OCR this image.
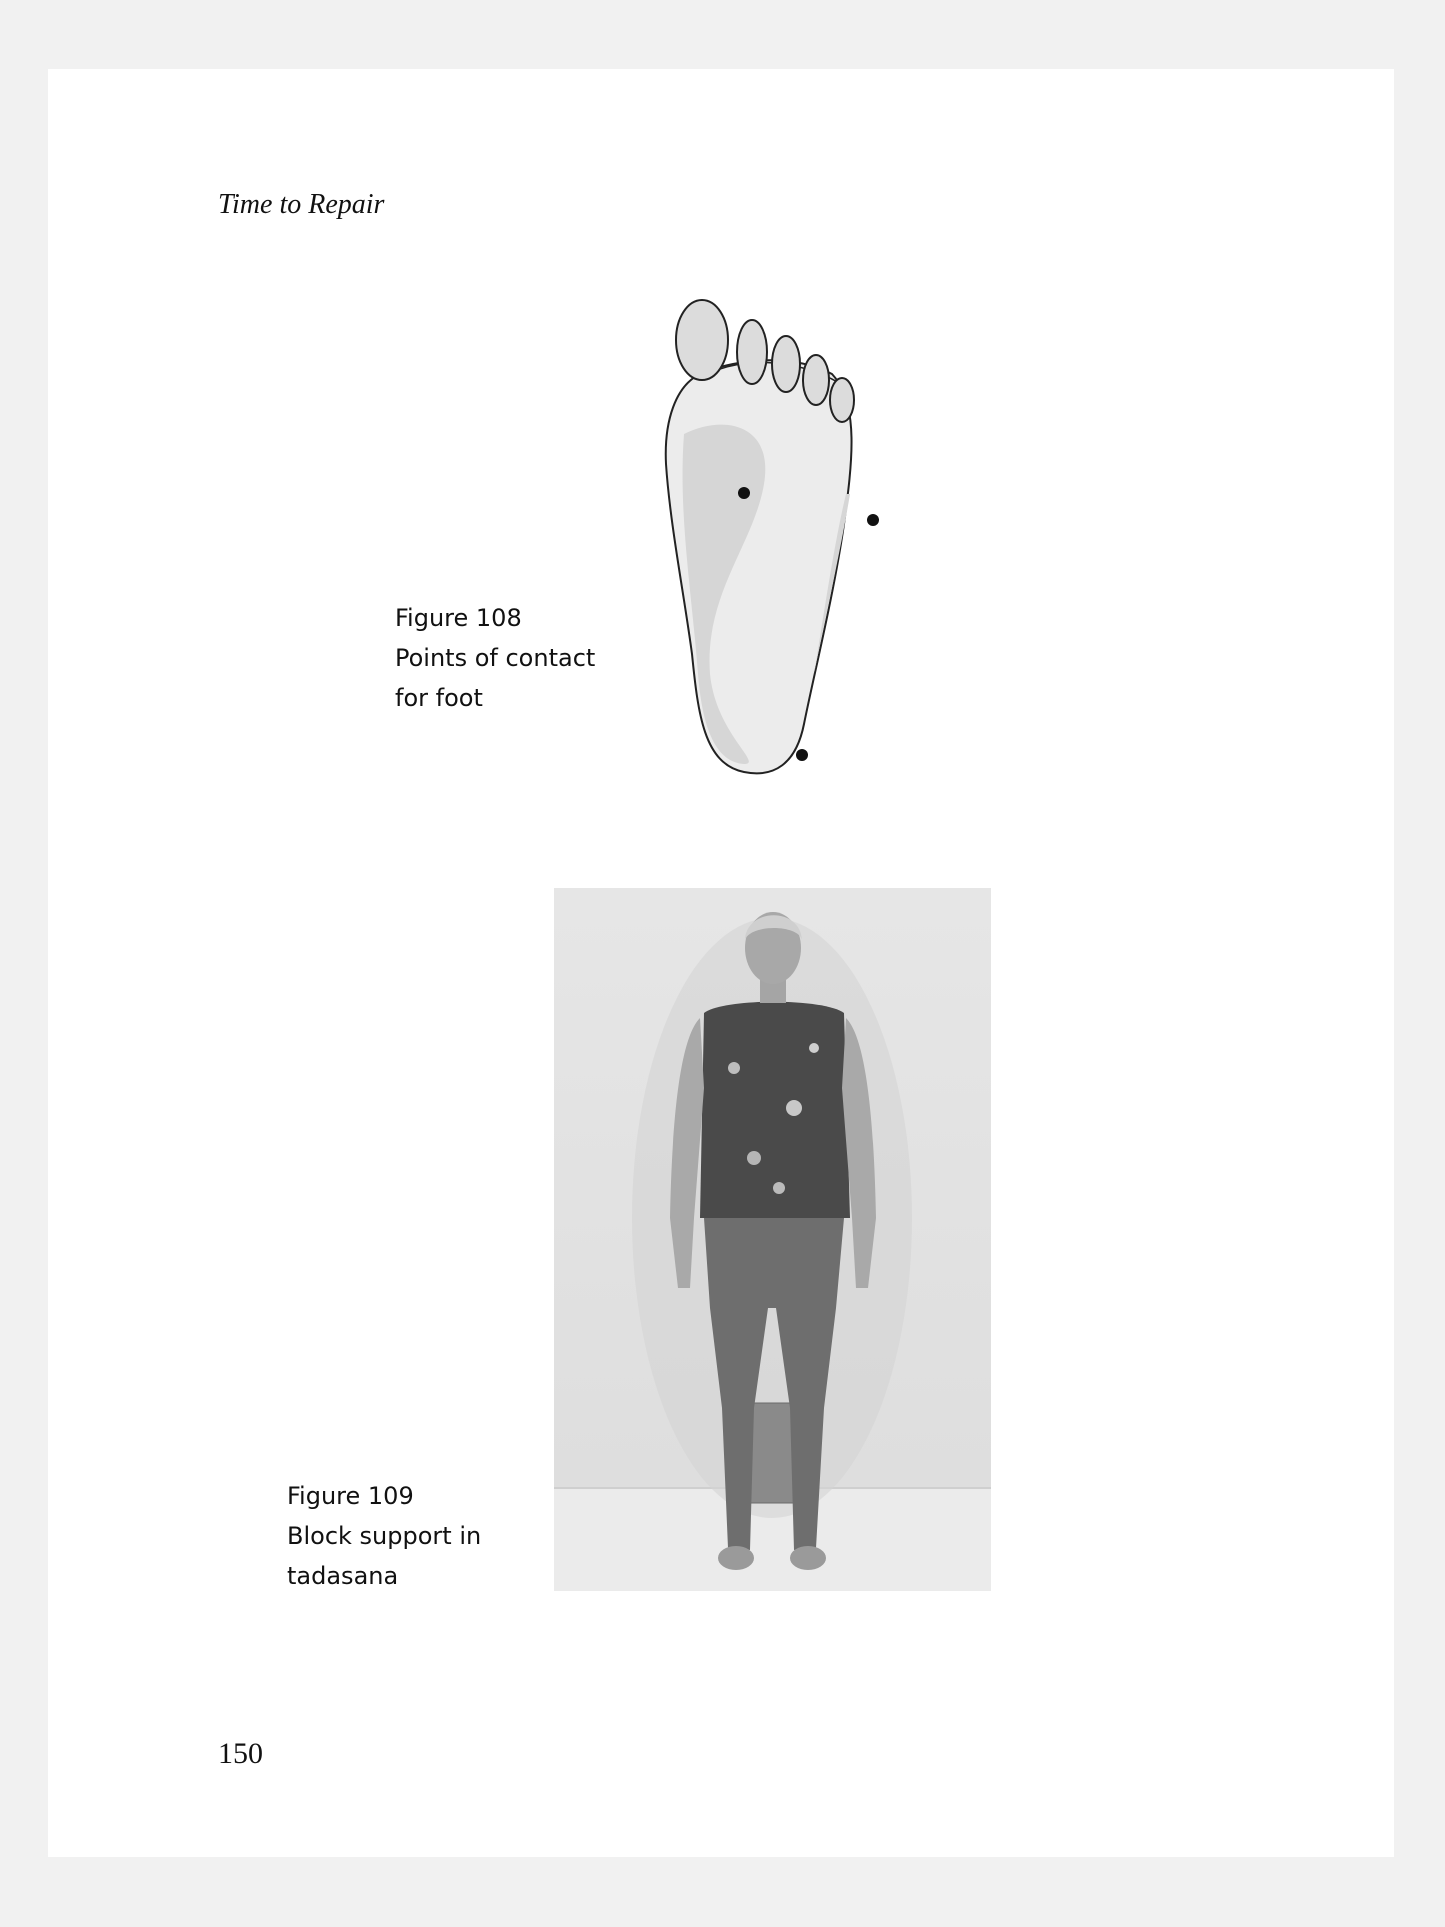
Time to Repair

Figure 108
Points of contact
for foot
Figure 109
Block support in
tadasana

150
